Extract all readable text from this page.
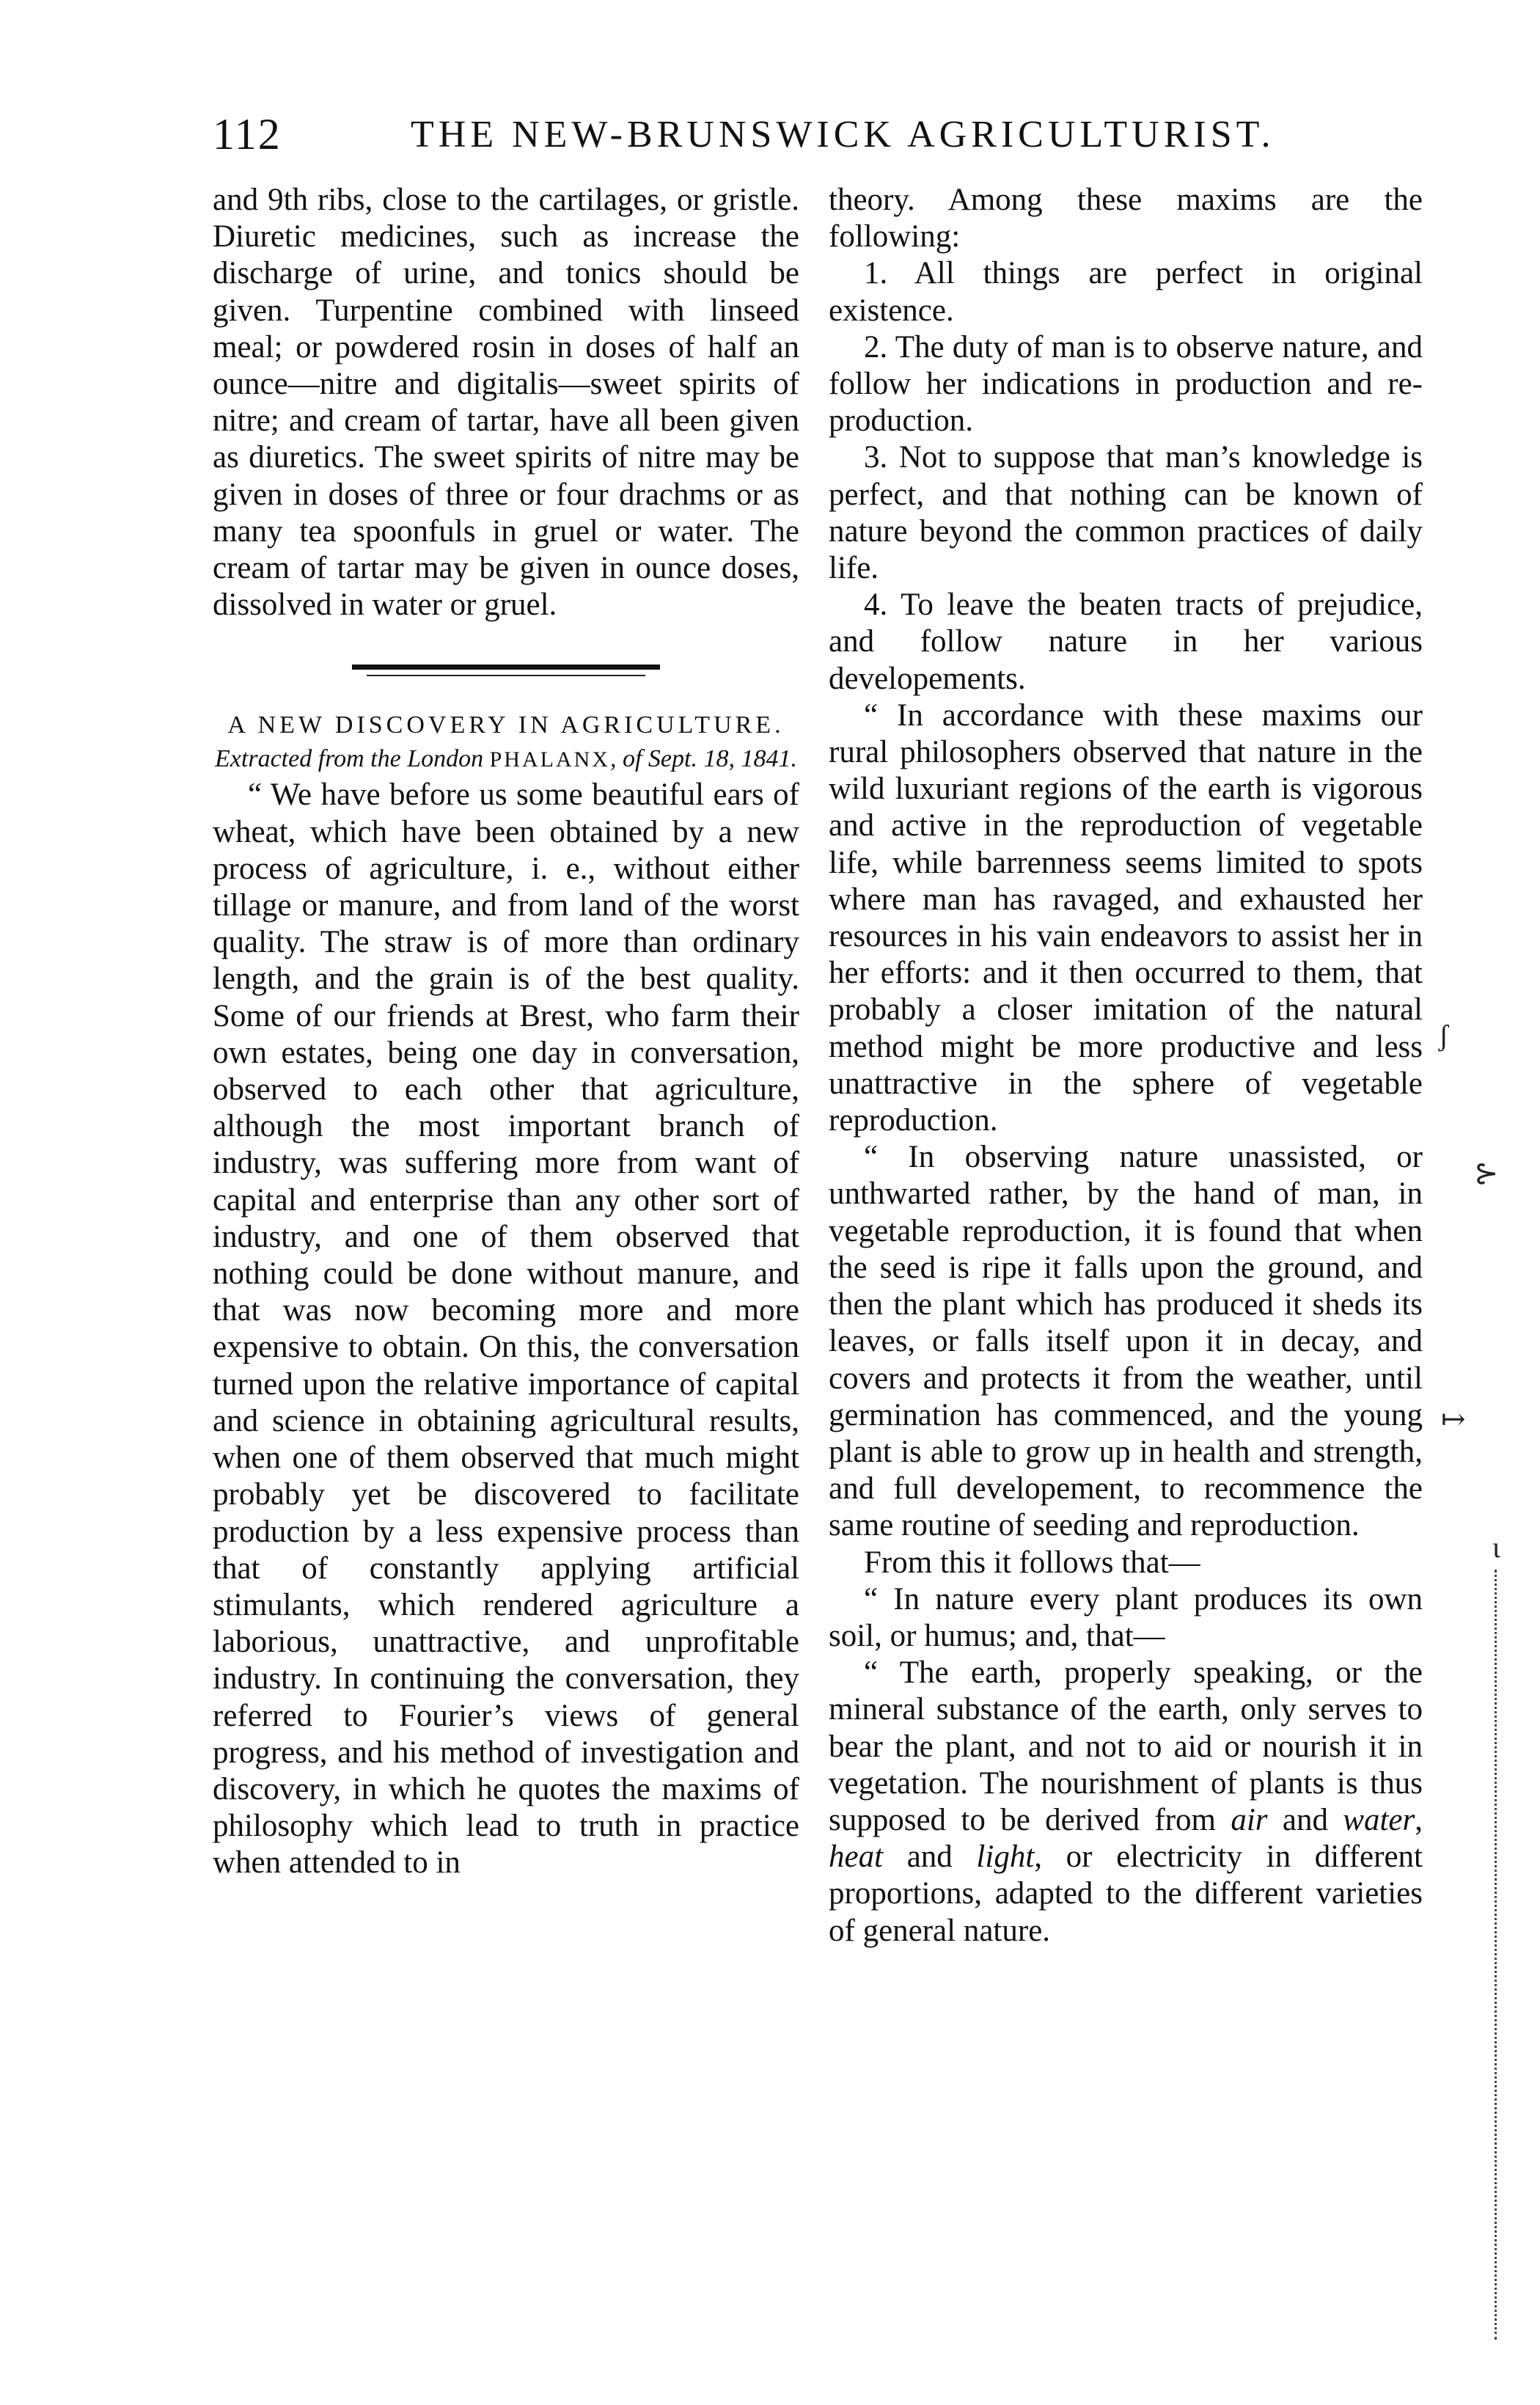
112	THE NEW-BRUNSWICK AGRICULTURIST.

and 9th ribs, close to the cartilages, or gristle. Diuretic medicines, such as increase the discharge of urine, and tonics should be given. Turpentine combined with linseed meal; or powdered rosin in doses of half an ounce—nitre and digitalis—sweet spirits of nitre; and cream of tartar, have all been given as diuretics. The sweet spirits of nitre may be given in doses of three or four drachms or as many tea spoonfuls in gruel or water. The cream of tartar may be given in ounce doses, dissolved in water or gruel.

A NEW DISCOVERY IN AGRICULTURE.

Extracted from the London PHALANX, of Sept. 18, 1841.

“ We have before us some beautiful ears of wheat, which have been obtained by a new process of agriculture, i. e., without either tillage or manure, and from land of the worst quality. The straw is of more than ordinary length, and the grain is of the best quality. Some of our friends at Brest, who farm their own estates, being one day in conversation, observed to each other that agriculture, although the most important branch of industry, was suffering more from want of capital and enterprise than any other sort of industry, and one of them observed that nothing could be done without manure, and that was now becoming more and more expensive to obtain. On this, the conversation turned upon the relative importance of capital and science in obtaining agricultural results, when one of them observed that much might probably yet be discovered to facilitate production by a less expensive process than that of constantly applying artificial stimulants, which rendered agriculture a laborious, unattractive, and unprofitable industry. In continuing the conversation, they referred to Fourier’s views of general progress, and his method of investigation and discovery, in which he quotes the maxims of philosophy which lead to truth in practice when attended to in

theory. Among these maxims are the following:

1. All things are perfect in original existence.

2. The duty of man is to observe nature, and follow her indications in production and re-production.

3. Not to suppose that man’s knowledge is perfect, and that nothing can be known of nature beyond the common practices of daily life.

4. To leave the beaten tracts of prejudice, and follow nature in her various developements.

“ In accordance with these maxims our rural philosophers observed that nature in the wild luxuriant regions of the earth is vigorous and active in the reproduction of vegetable life, while barrenness seems limited to spots where man has ravaged, and exhausted her resources in his vain endeavors to assist her in her efforts: and it then occurred to them, that probably a closer imitation of the natural method might be more productive and less unattractive in the sphere of vegetable reproduction.

“ In observing nature unassisted, or unthwarted rather, by the hand of man, in vegetable reproduction, it is found that when the seed is ripe it falls upon the ground, and then the plant which has produced it sheds its leaves, or falls itself upon it in decay, and covers and protects it from the weather, until germination has commenced, and the young plant is able to grow up in health and strength, and full developement, to recommence the same routine of seeding and reproduction.

From this it follows that—

“ In nature every plant produces its own soil, or humus; and, that—

“ The earth, properly speaking, or the mineral substance of the earth, only serves to bear the plant, and not to aid or nourish it in vegetation. The nourishment of plants is thus supposed to be derived from air and water, heat and light, or electricity in different proportions, adapted to the different varieties of general nature.

ʃ
↦
ɩ
⊱
